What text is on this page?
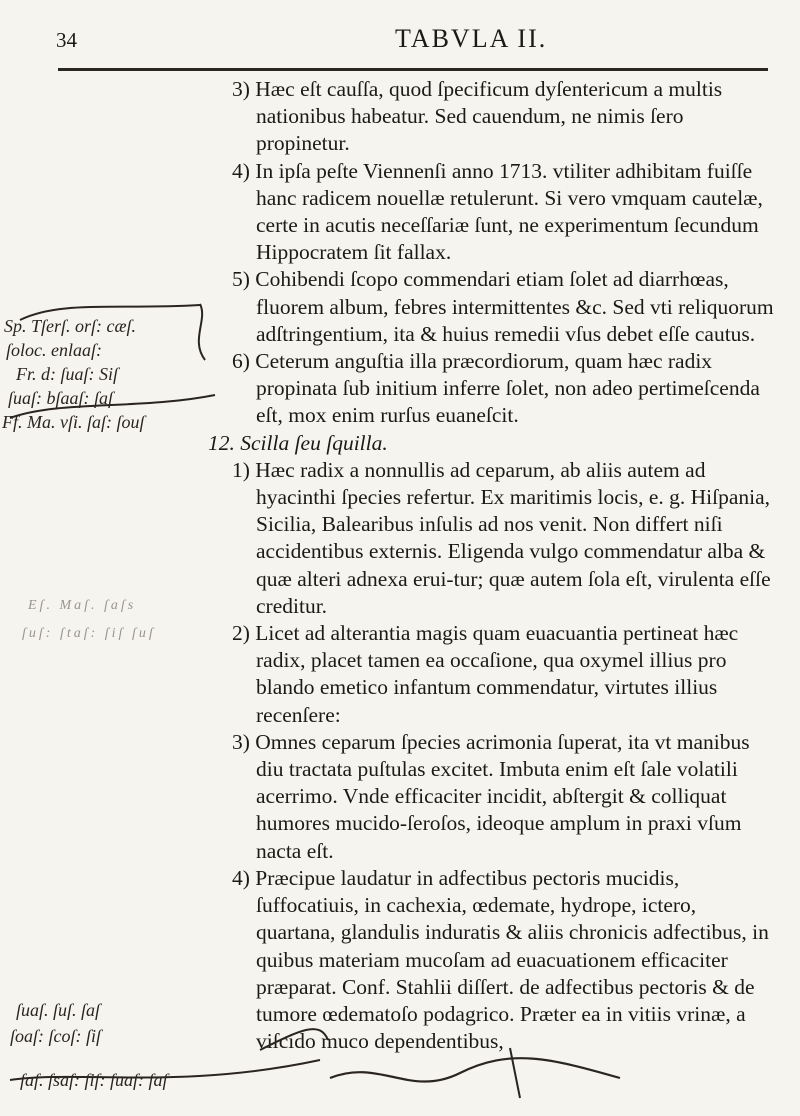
34	TABVLA II.

3) Hæc eſt cauſſa, quod ſpecificum dyſentericum a multis nationibus habeatur. Sed cauendum, ne nimis ſero propinetur.

4) In ipſa peſte Viennenſi anno 1713. vtiliter adhibitam fuiſſe hanc radicem nouellæ retulerunt. Si vero vmquam cautelæ, certe in acutis neceſſariæ ſunt, ne experimentum ſecundum Hippocratem ſit fallax.

5) Cohibendi ſcopo commendari etiam ſolet ad diarrhœas, fluorem album, febres intermittentes &c. Sed vti reliquorum adſtringentium, ita & huius remedii vſus debet eſſe cautus.

6) Ceterum anguſtia illa præcordiorum, quam hæc radix propinata ſub initium inferre ſolet, non adeo pertimeſcenda eſt, mox enim rurſus euaneſcit.

12. Scilla ſeu ſquilla.

1) Hæc radix a nonnullis ad ceparum, ab aliis autem ad hyacinthi ſpecies refertur. Ex maritimis locis, e. g. Hiſpania, Sicilia, Balearibus inſulis ad nos venit. Non differt niſi accidentibus externis. Eligenda vulgo commendatur alba & quæ alteri adnexa erui-tur; quæ autem ſola eſt, virulenta eſſe creditur.

2) Licet ad alterantia magis quam euacuantia pertineat hæc radix, placet tamen ea occaſione, qua oxymel illius pro blando emetico infantum commendatur, virtutes illius recenſere:

3) Omnes ceparum ſpecies acrimonia ſuperat, ita vt manibus diu tractata puſtulas excitet. Imbuta enim eſt ſale volatili acerrimo. Vnde efficaciter incidit, abſtergit & colliquat humores mucido-ſeroſos, ideoque amplum in praxi vſum nacta eſt.

4) Præcipue laudatur in adfectibus pectoris mucidis, ſuffocatiuis, in cachexia, œdemate, hydrope, ictero, quartana, glandulis induratis & aliis chronicis adfectibus, in quibus materiam mucoſam ad euacuationem efficaciter præparat. Conf. Stahlii diſſert. de adfectibus pectoris & de tumore œdematoſo podagrico. Præter ea in vitiis vrinæ, a viſcido muco dependentibus,

Sp. Tſerſ. orſ: cæſ.
ſoloc. enlaaſ:
Fr. d: ſuaſ: Siſ
ſuaſ: bſaaſ: ſaſ
Ff. Ma. vſi. ſaſ: ſouſ
Eſ. Maſ. ſaſs
ſuſ: ſtaſ: ſiſ ſuſ
ſuaſ. ſuſ. ſaſ
ſoaſ: ſcoſ: ſiſ
ſaſ. ſsaſ: ſiſ: ſuaſ: ſaſ
